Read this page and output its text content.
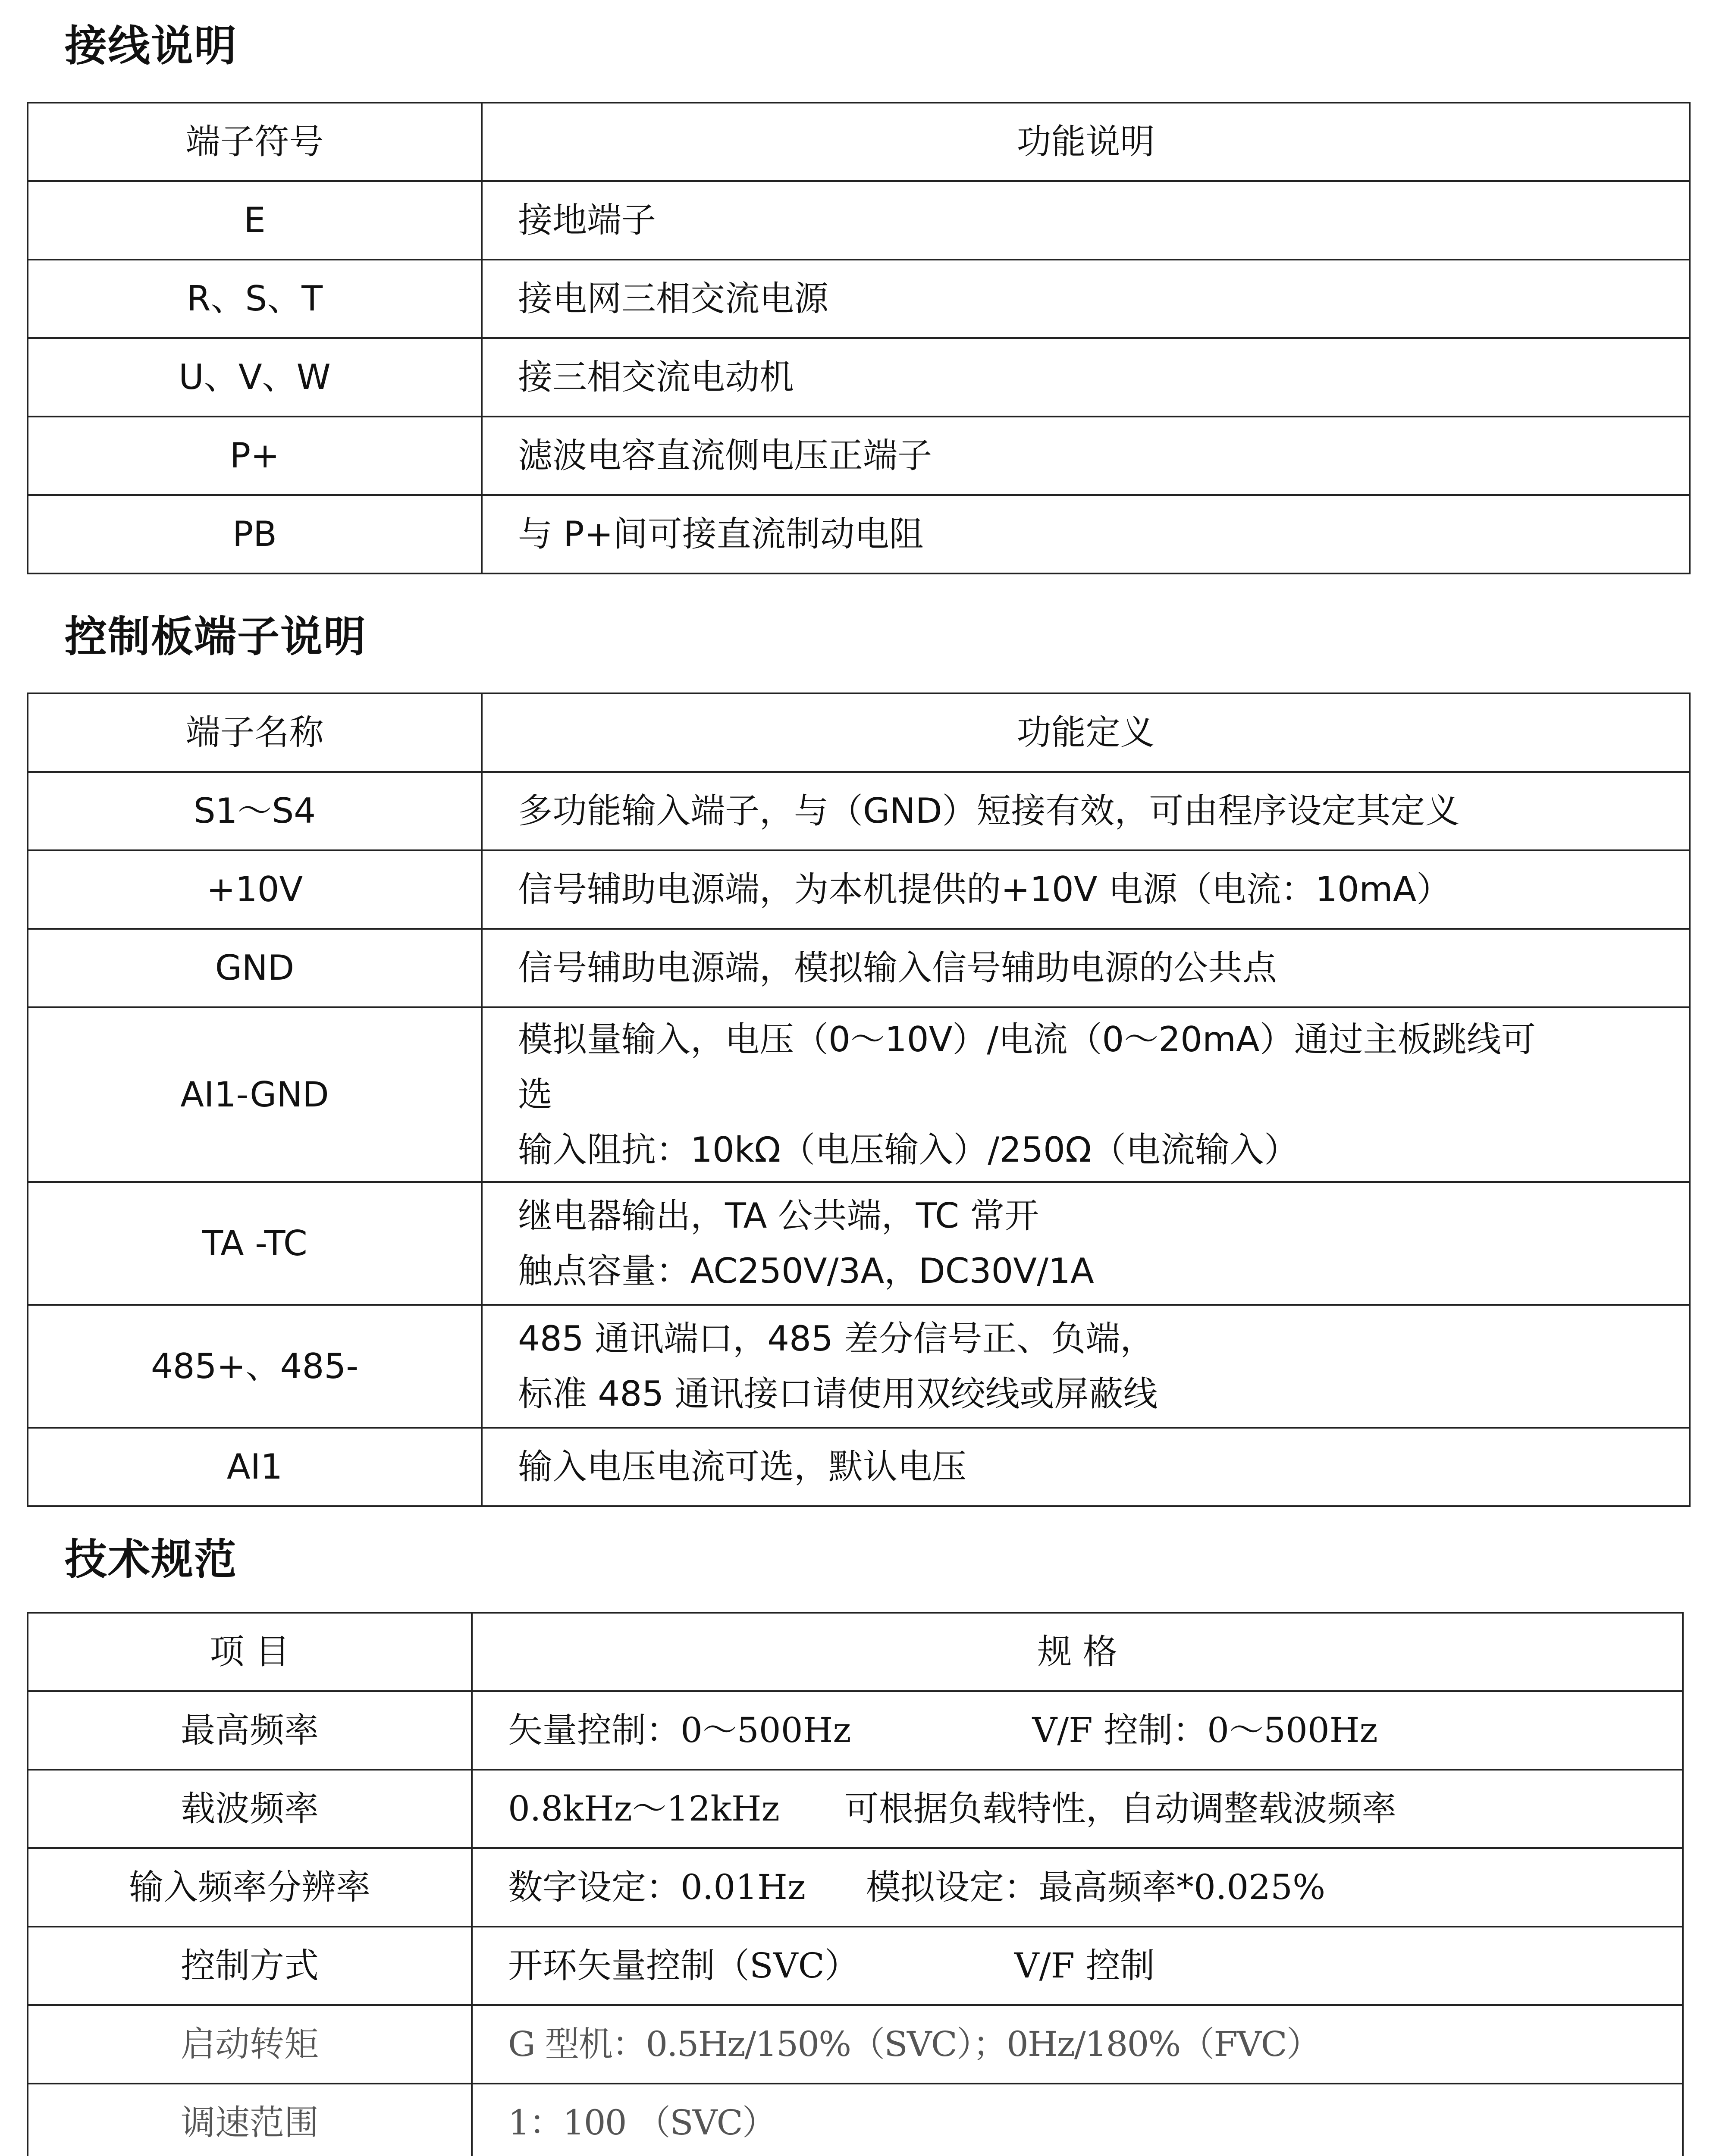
接线说明
端子符号	功能说明
E	接地端子
R、S、T	接电网三相交流电源
U、V、W	接三相交流电动机
P+	滤波电容直流侧电压正端子
PB	与 P+间可接直流制动电阻
控制板端子说明
端子名称	功能定义
S1～S4	多功能输入端子，与（GND）短接有效，可由程序设定其定义

+10V	信号辅助电源端，为本机提供的+10V 电源（电流：10mA）

GND	信号辅助电源端，模拟输入信号辅助电源的公共点

AI1-GND	模拟量输入，电压（0～10V）/电流（0～20mA）通过主板跳线可
选
输入阻抗：10kΩ（电压输入）/250Ω（电流输入）

TA -TC	继电器输出，TA 公共端，TC 常开
触点容量：AC250V/3A，DC30V/1A

485+、485-	485 通讯端口，485 差分信号正、负端，
标准 485 通讯接口请使用双绞线或屏蔽线

AI1	输入电压电流可选，默认电压
技术规范
项 目	规 格
最高频率	矢量控制：0～500Hz V/F 控制：0～500Hz
载波频率	0.8kHz～12kHz 可根据负载特性，自动调整载波频率
输入频率分辨率	数字设定：0.01Hz 模拟设定：最高频率*0.025%
控制方式	开环矢量控制（SVC） V/F 控制
启动转矩	G 型机：0.5Hz/150%（SVC）；0Hz/180%（FVC）
调速范围	1：100 （SVC）
